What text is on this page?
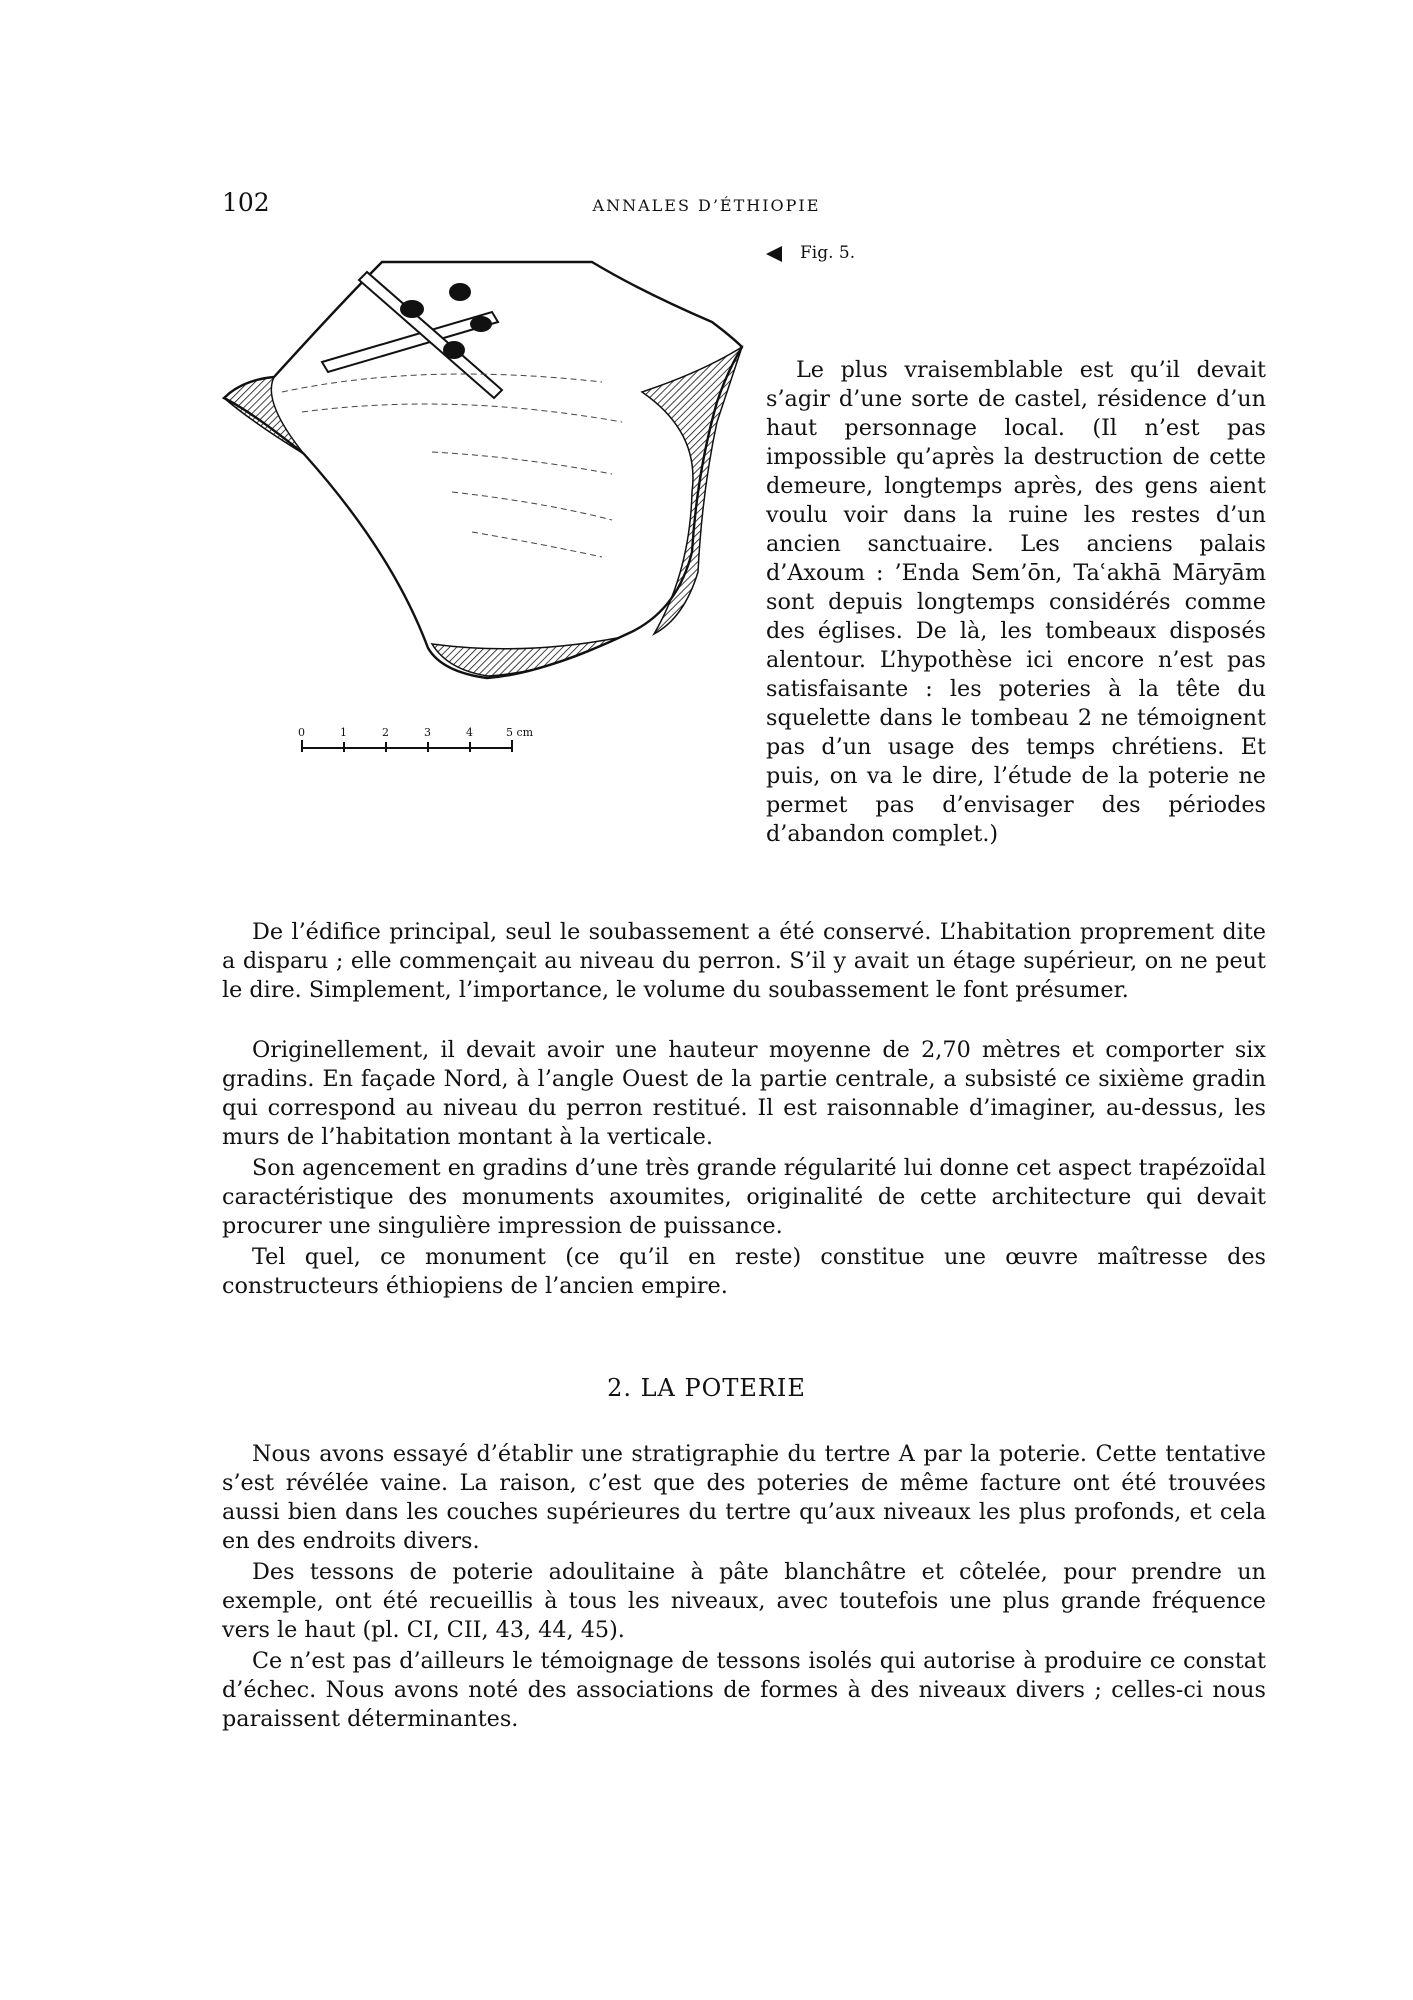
102	ANNALES D’ÉTHIOPIE
Fig. 5.
0	1	2	3	4	5 cm

Le plus vraisemblable est qu’il devait s’agir d’une sorte de castel, résidence d’un haut personnage local. (Il n’est pas impossible qu’après la destruction de cette demeure, longtemps après, des gens aient voulu voir dans la ruine les restes d’un ancien sanctuaire. Les anciens palais d’Axoum : ’Enda Sem’ōn, Taʿakhā Māryām sont depuis longtemps considérés comme des églises. De là, les tombeaux disposés alentour. L’hypothèse ici encore n’est pas satisfaisante : les poteries à la tête du squelette dans le tombeau 2 ne témoignent pas d’un usage des temps chrétiens. Et puis, on va le dire, l’étude de la poterie ne permet pas d’envisager des périodes d’abandon complet.)

De l’édifice principal, seul le soubassement a été conservé. L’habitation proprement dite a disparu ; elle commençait au niveau du perron. S’il y avait un étage supérieur, on ne peut le dire. Simplement, l’importance, le volume du soubassement le font présumer.

Originellement, il devait avoir une hauteur moyenne de 2,70 mètres et comporter six gradins. En façade Nord, à l’angle Ouest de la partie centrale, a subsisté ce sixième gradin qui correspond au niveau du perron restitué. Il est raisonnable d’imaginer, au-dessus, les murs de l’habitation montant à la verticale.

Son agencement en gradins d’une très grande régularité lui donne cet aspect trapézoïdal caractéristique des monuments axoumites, originalité de cette architecture qui devait procurer une singulière impression de puissance.

Tel quel, ce monument (ce qu’il en reste) constitue une œuvre maîtresse des constructeurs éthiopiens de l’ancien empire.

2. LA POTERIE

Nous avons essayé d’établir une stratigraphie du tertre A par la poterie. Cette tentative s’est révélée vaine. La raison, c’est que des poteries de même facture ont été trouvées aussi bien dans les couches supérieures du tertre qu’aux niveaux les plus profonds, et cela en des endroits divers.

Des tessons de poterie adoulitaine à pâte blanchâtre et côtelée, pour prendre un exemple, ont été recueillis à tous les niveaux, avec toutefois une plus grande fréquence vers le haut (pl. CI, CII, 43, 44, 45).

Ce n’est pas d’ailleurs le témoignage de tessons isolés qui autorise à produire ce constat d’échec. Nous avons noté des associations de formes à des niveaux divers ; celles-ci nous paraissent déterminantes.
